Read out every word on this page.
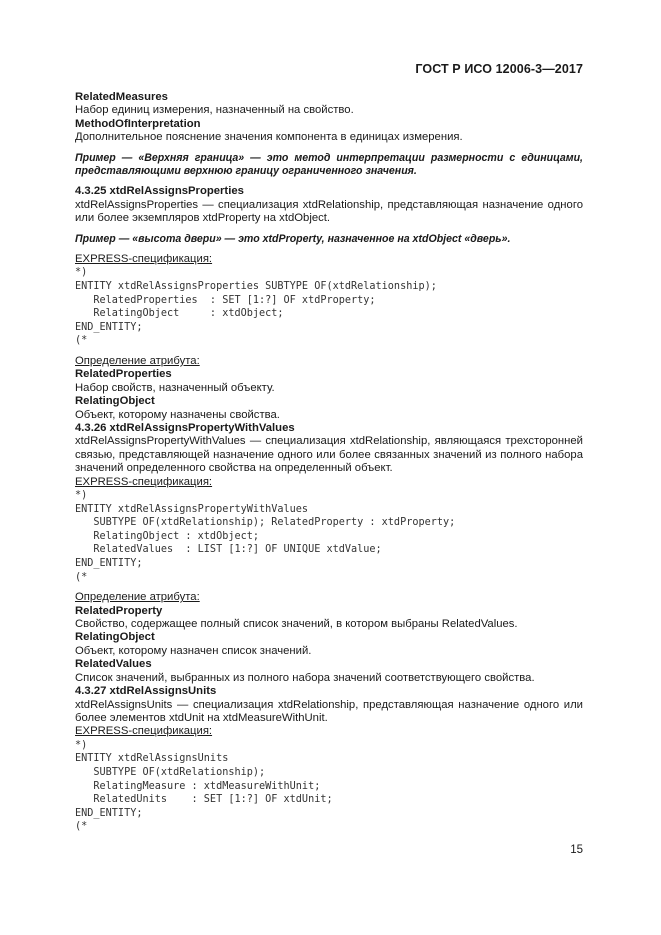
ГОСТ Р ИСО 12006-3—2017

RelatedMeasures

Набор единиц измерения, назначенный на свойство.

MethodOfInterpretation

Дополнительное пояснение значения компонента в единицах измерения.

Пример — «Верхняя граница» — это метод интерпретации размерности с единицами, представляющими верхнюю границу ограниченного значения.

4.3.25 xtdRelAssignsProperties

xtdRelAssignsProperties — специализация xtdRelationship, представляющая назначение одного или более экземпляров xtdProperty на xtdObject.

Пример — «высота двери» — это xtdProperty, назначенное на xtdObject «дверь».

EXPRESS-спецификация:

*)
ENTITY xtdRelAssignsProperties SUBTYPE OF(xtdRelationship);
RelatedProperties  : SET [1:?] OF xtdProperty;
RelatingObject     : xtdObject;
END_ENTITY;
(*

Определение атрибута:

RelatedProperties

Набор свойств, назначенный объекту.

RelatingObject

Объект, которому назначены свойства.

4.3.26 xtdRelAssignsPropertyWithValues

xtdRelAssignsPropertyWithValues — специализация xtdRelationship, являющаяся трехсторонней связью, представляющей назначение одного или более связанных значений из полного набора значений определенного свойства на определенный объект.

EXPRESS-спецификация:

*)
ENTITY xtdRelAssignsPropertyWithValues
SUBTYPE OF(xtdRelationship); RelatedProperty : xtdProperty;
RelatingObject : xtdObject;
RelatedValues  : LIST [1:?] OF UNIQUE xtdValue;
END_ENTITY;
(*

Определение атрибута:

RelatedProperty

Свойство, содержащее полный список значений, в котором выбраны RelatedValues.

RelatingObject

Объект, которому назначен список значений.

RelatedValues

Список значений, выбранных из полного набора значений соответствующего свойства.

4.3.27 xtdRelAssignsUnits

xtdRelAssignsUnits — специализация xtdRelationship, представляющая назначение одного или более элементов xtdUnit на xtdMeasureWithUnit.

EXPRESS-спецификация:

*)
ENTITY xtdRelAssignsUnits
SUBTYPE OF(xtdRelationship);
RelatingMeasure : xtdMeasureWithUnit;
RelatedUnits    : SET [1:?] OF xtdUnit;
END_ENTITY;
(*
15
